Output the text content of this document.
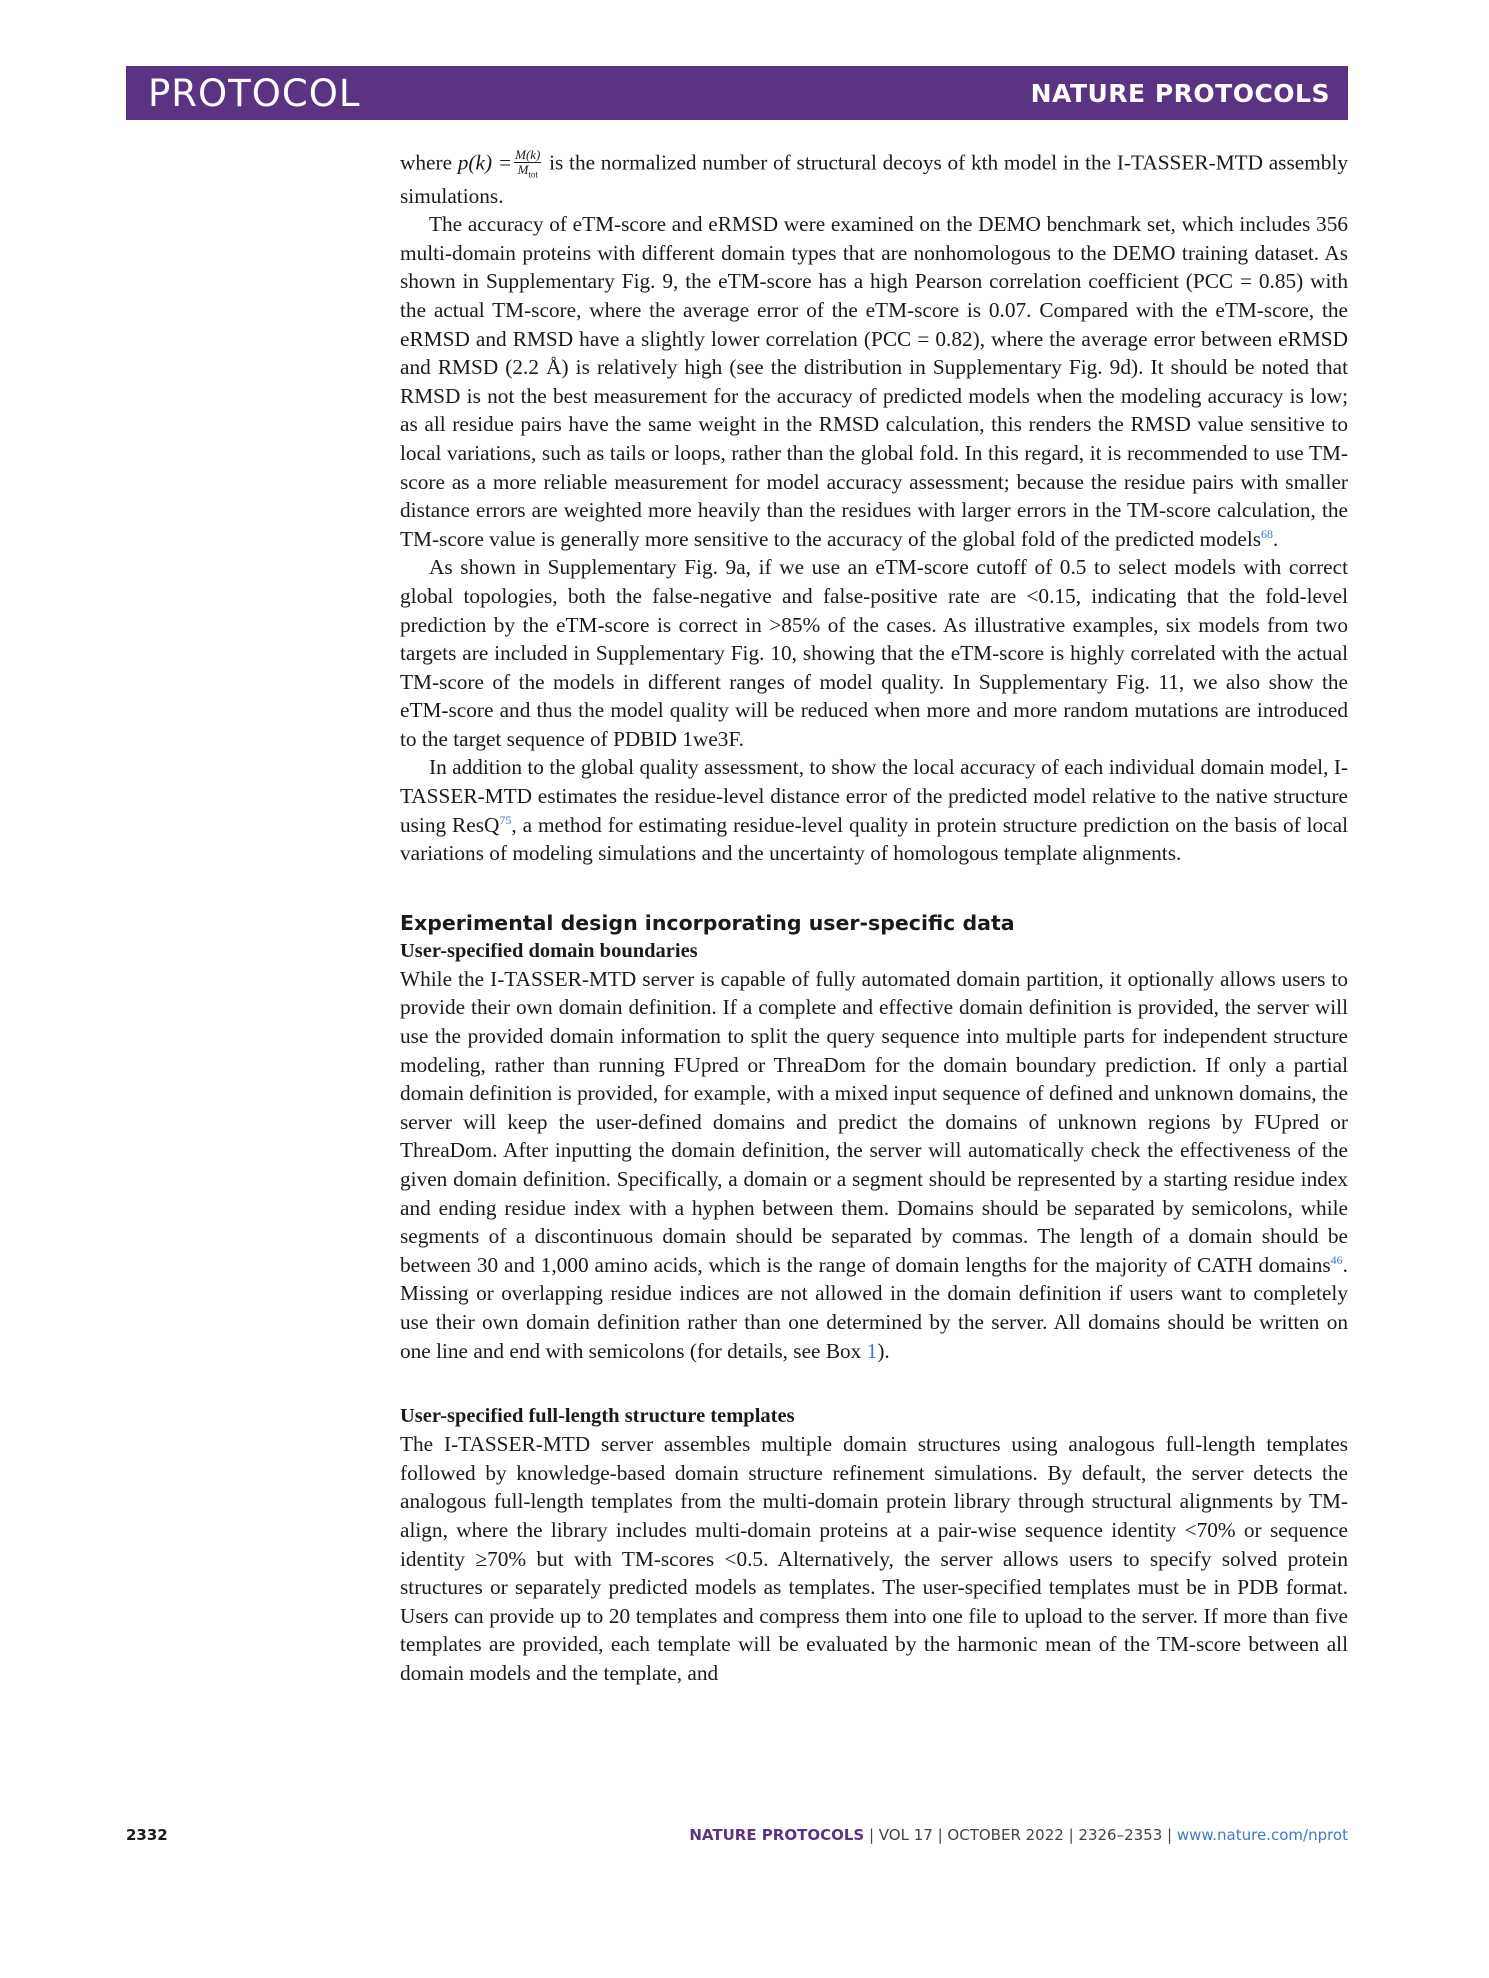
PROTOCOL	NATURE PROTOCOLS

where $p(k) = \frac{M(k)}{M_{tot}}$ is the normalized number of structural decoys of kth model in the I-TASSER-MTD assembly simulations.

The accuracy of eTM-score and eRMSD were examined on the DEMO benchmark set, which includes 356 multi-domain proteins with different domain types that are nonhomologous to the DEMO training dataset. As shown in Supplementary Fig. 9, the eTM-score has a high Pearson correlation coefficient (PCC = 0.85) with the actual TM-score, where the average error of the eTM-score is 0.07. Compared with the eTM-score, the eRMSD and RMSD have a slightly lower correlation (PCC = 0.82), where the average error between eRMSD and RMSD (2.2 Å) is relatively high (see the distribution in Supplementary Fig. 9d). It should be noted that RMSD is not the best measurement for the accuracy of predicted models when the modeling accuracy is low; as all residue pairs have the same weight in the RMSD calculation, this renders the RMSD value sensitive to local variations, such as tails or loops, rather than the global fold. In this regard, it is recommended to use TM-score as a more reliable measurement for model accuracy assessment; because the residue pairs with smaller distance errors are weighted more heavily than the residues with larger errors in the TM-score calculation, the TM-score value is generally more sensitive to the accuracy of the global fold of the predicted models$^{68}$.

As shown in Supplementary Fig. 9a, if we use an eTM-score cutoff of 0.5 to select models with correct global topologies, both the false-negative and false-positive rate are <0.15, indicating that the fold-level prediction by the eTM-score is correct in >85% of the cases. As illustrative examples, six models from two targets are included in Supplementary Fig. 10, showing that the eTM-score is highly correlated with the actual TM-score of the models in different ranges of model quality. In Supplementary Fig. 11, we also show the eTM-score and thus the model quality will be reduced when more and more random mutations are introduced to the target sequence of PDBID 1we3F.

In addition to the global quality assessment, to show the local accuracy of each individual domain model, I-TASSER-MTD estimates the residue-level distance error of the predicted model relative to the native structure using ResQ$^{75}$, a method for estimating residue-level quality in protein structure prediction on the basis of local variations of modeling simulations and the uncertainty of homologous template alignments.

Experimental design incorporating user-specific data
User-specified domain boundaries

While the I-TASSER-MTD server is capable of fully automated domain partition, it optionally allows users to provide their own domain definition. If a complete and effective domain definition is provided, the server will use the provided domain information to split the query sequence into multiple parts for independent structure modeling, rather than running FUpred or ThreaDom for the domain boundary prediction. If only a partial domain definition is provided, for example, with a mixed input sequence of defined and unknown domains, the server will keep the user-defined domains and predict the domains of unknown regions by FUpred or ThreaDom. After inputting the domain definition, the server will automatically check the effectiveness of the given domain definition. Specifically, a domain or a segment should be represented by a starting residue index and ending residue index with a hyphen between them. Domains should be separated by semicolons, while segments of a discontinuous domain should be separated by commas. The length of a domain should be between 30 and 1,000 amino acids, which is the range of domain lengths for the majority of CATH domains$^{46}$. Missing or overlapping residue indices are not allowed in the domain definition if users want to completely use their own domain definition rather than one determined by the server. All domains should be written on one line and end with semicolons (for details, see Box 1).

User-specified full-length structure templates

The I-TASSER-MTD server assembles multiple domain structures using analogous full-length templates followed by knowledge-based domain structure refinement simulations. By default, the server detects the analogous full-length templates from the multi-domain protein library through structural alignments by TM-align, where the library includes multi-domain proteins at a pair-wise sequence identity <70% or sequence identity ≥70% but with TM-scores <0.5. Alternatively, the server allows users to specify solved protein structures or separately predicted models as templates. The user-specified templates must be in PDB format. Users can provide up to 20 templates and compress them into one file to upload to the server. If more than five templates are provided, each template will be evaluated by the harmonic mean of the TM-score between all domain models and the template, and

2332	NATURE PROTOCOLS | VOL 17 | OCTOBER 2022 | 2326–2353 | www.nature.com/nprot
